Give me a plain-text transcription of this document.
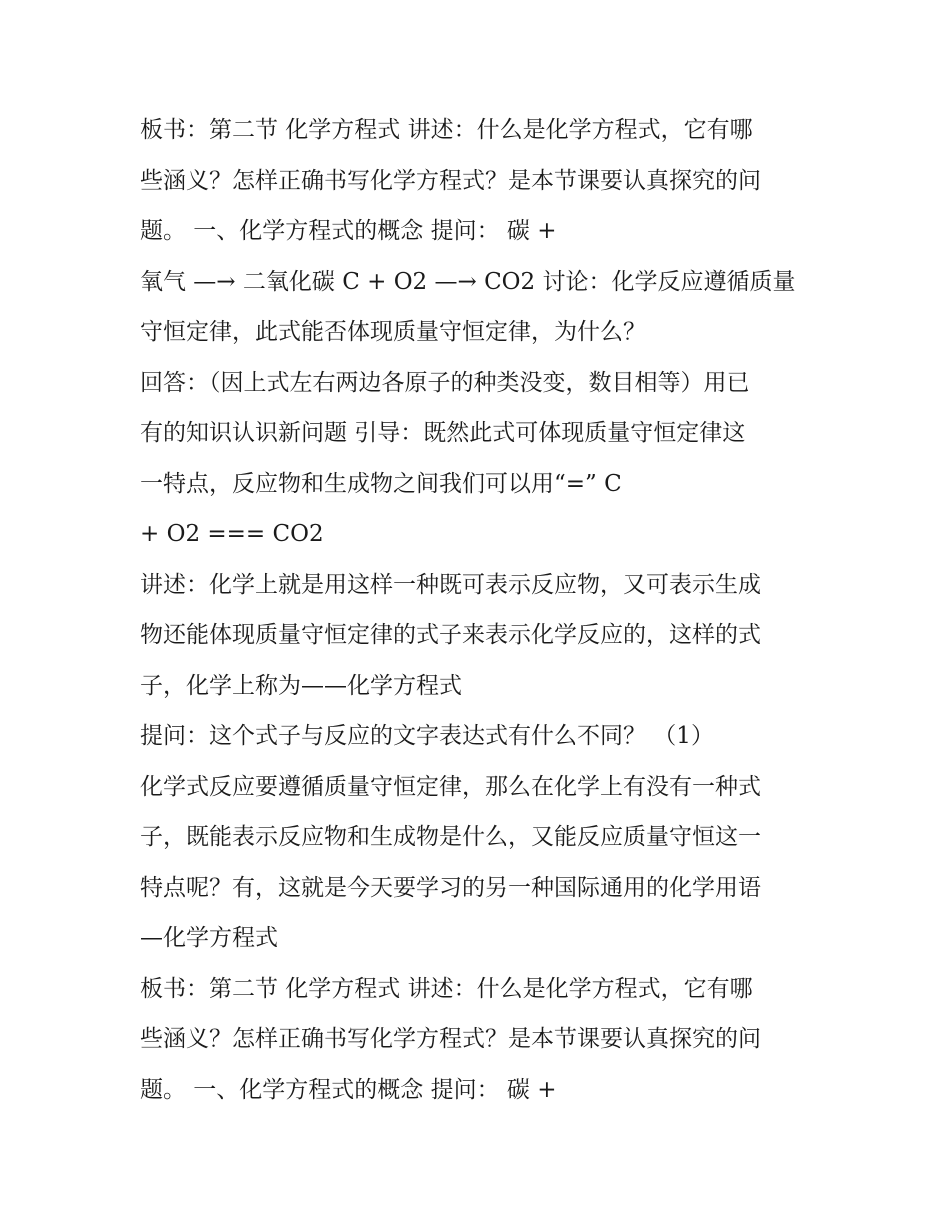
板书：第二节 化学方程式 讲述：什么是化学方程式，它有哪
些涵义？怎样正确书写化学方程式？是本节课要认真探究的问
题。 一、化学方程式的概念 提问： 碳 +
氧气 —→ 二氧化碳 C + O2 —→ CO2 讨论：化学反应遵循质量
守恒定律，此式能否体现质量守恒定律，为什么？
回答：（因上式左右两边各原子的种类没变，数目相等）用已
有的知识认识新问题 引导：既然此式可体现质量守恒定律这
一特点，反应物和生成物之间我们可以用“=” C
+ O2 === CO2
讲述：化学上就是用这样一种既可表示反应物，又可表示生成
物还能体现质量守恒定律的式子来表示化学反应的，这样的式
子，化学上称为——化学方程式
提问：这个式子与反应的文字表达式有什么不同？ （1）
化学式反应要遵循质量守恒定律，那么在化学上有没有一种式
子，既能表示反应物和生成物是什么，又能反应质量守恒这一
特点呢？有，这就是今天要学习的另一种国际通用的化学用语
—化学方程式
板书：第二节 化学方程式 讲述：什么是化学方程式，它有哪
些涵义？怎样正确书写化学方程式？是本节课要认真探究的问
题。 一、化学方程式的概念 提问： 碳 +
